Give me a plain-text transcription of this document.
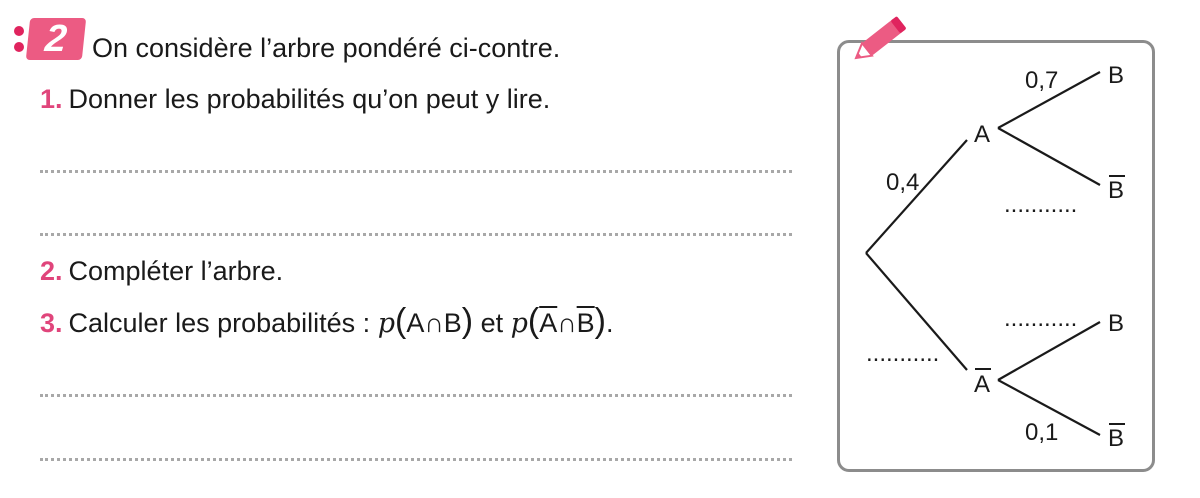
2 On considère l’arbre pondéré ci-contre.
1. Donner les probabilités qu’on peut y lire.
2. Compléter l’arbre.
3. Calculer les probabilités : p(A∩B) et $p(\overline{A}\cap\overline{B})$.
A
A
B
B
B
B
0,4
0,7
0,1
...........
...........
...........
